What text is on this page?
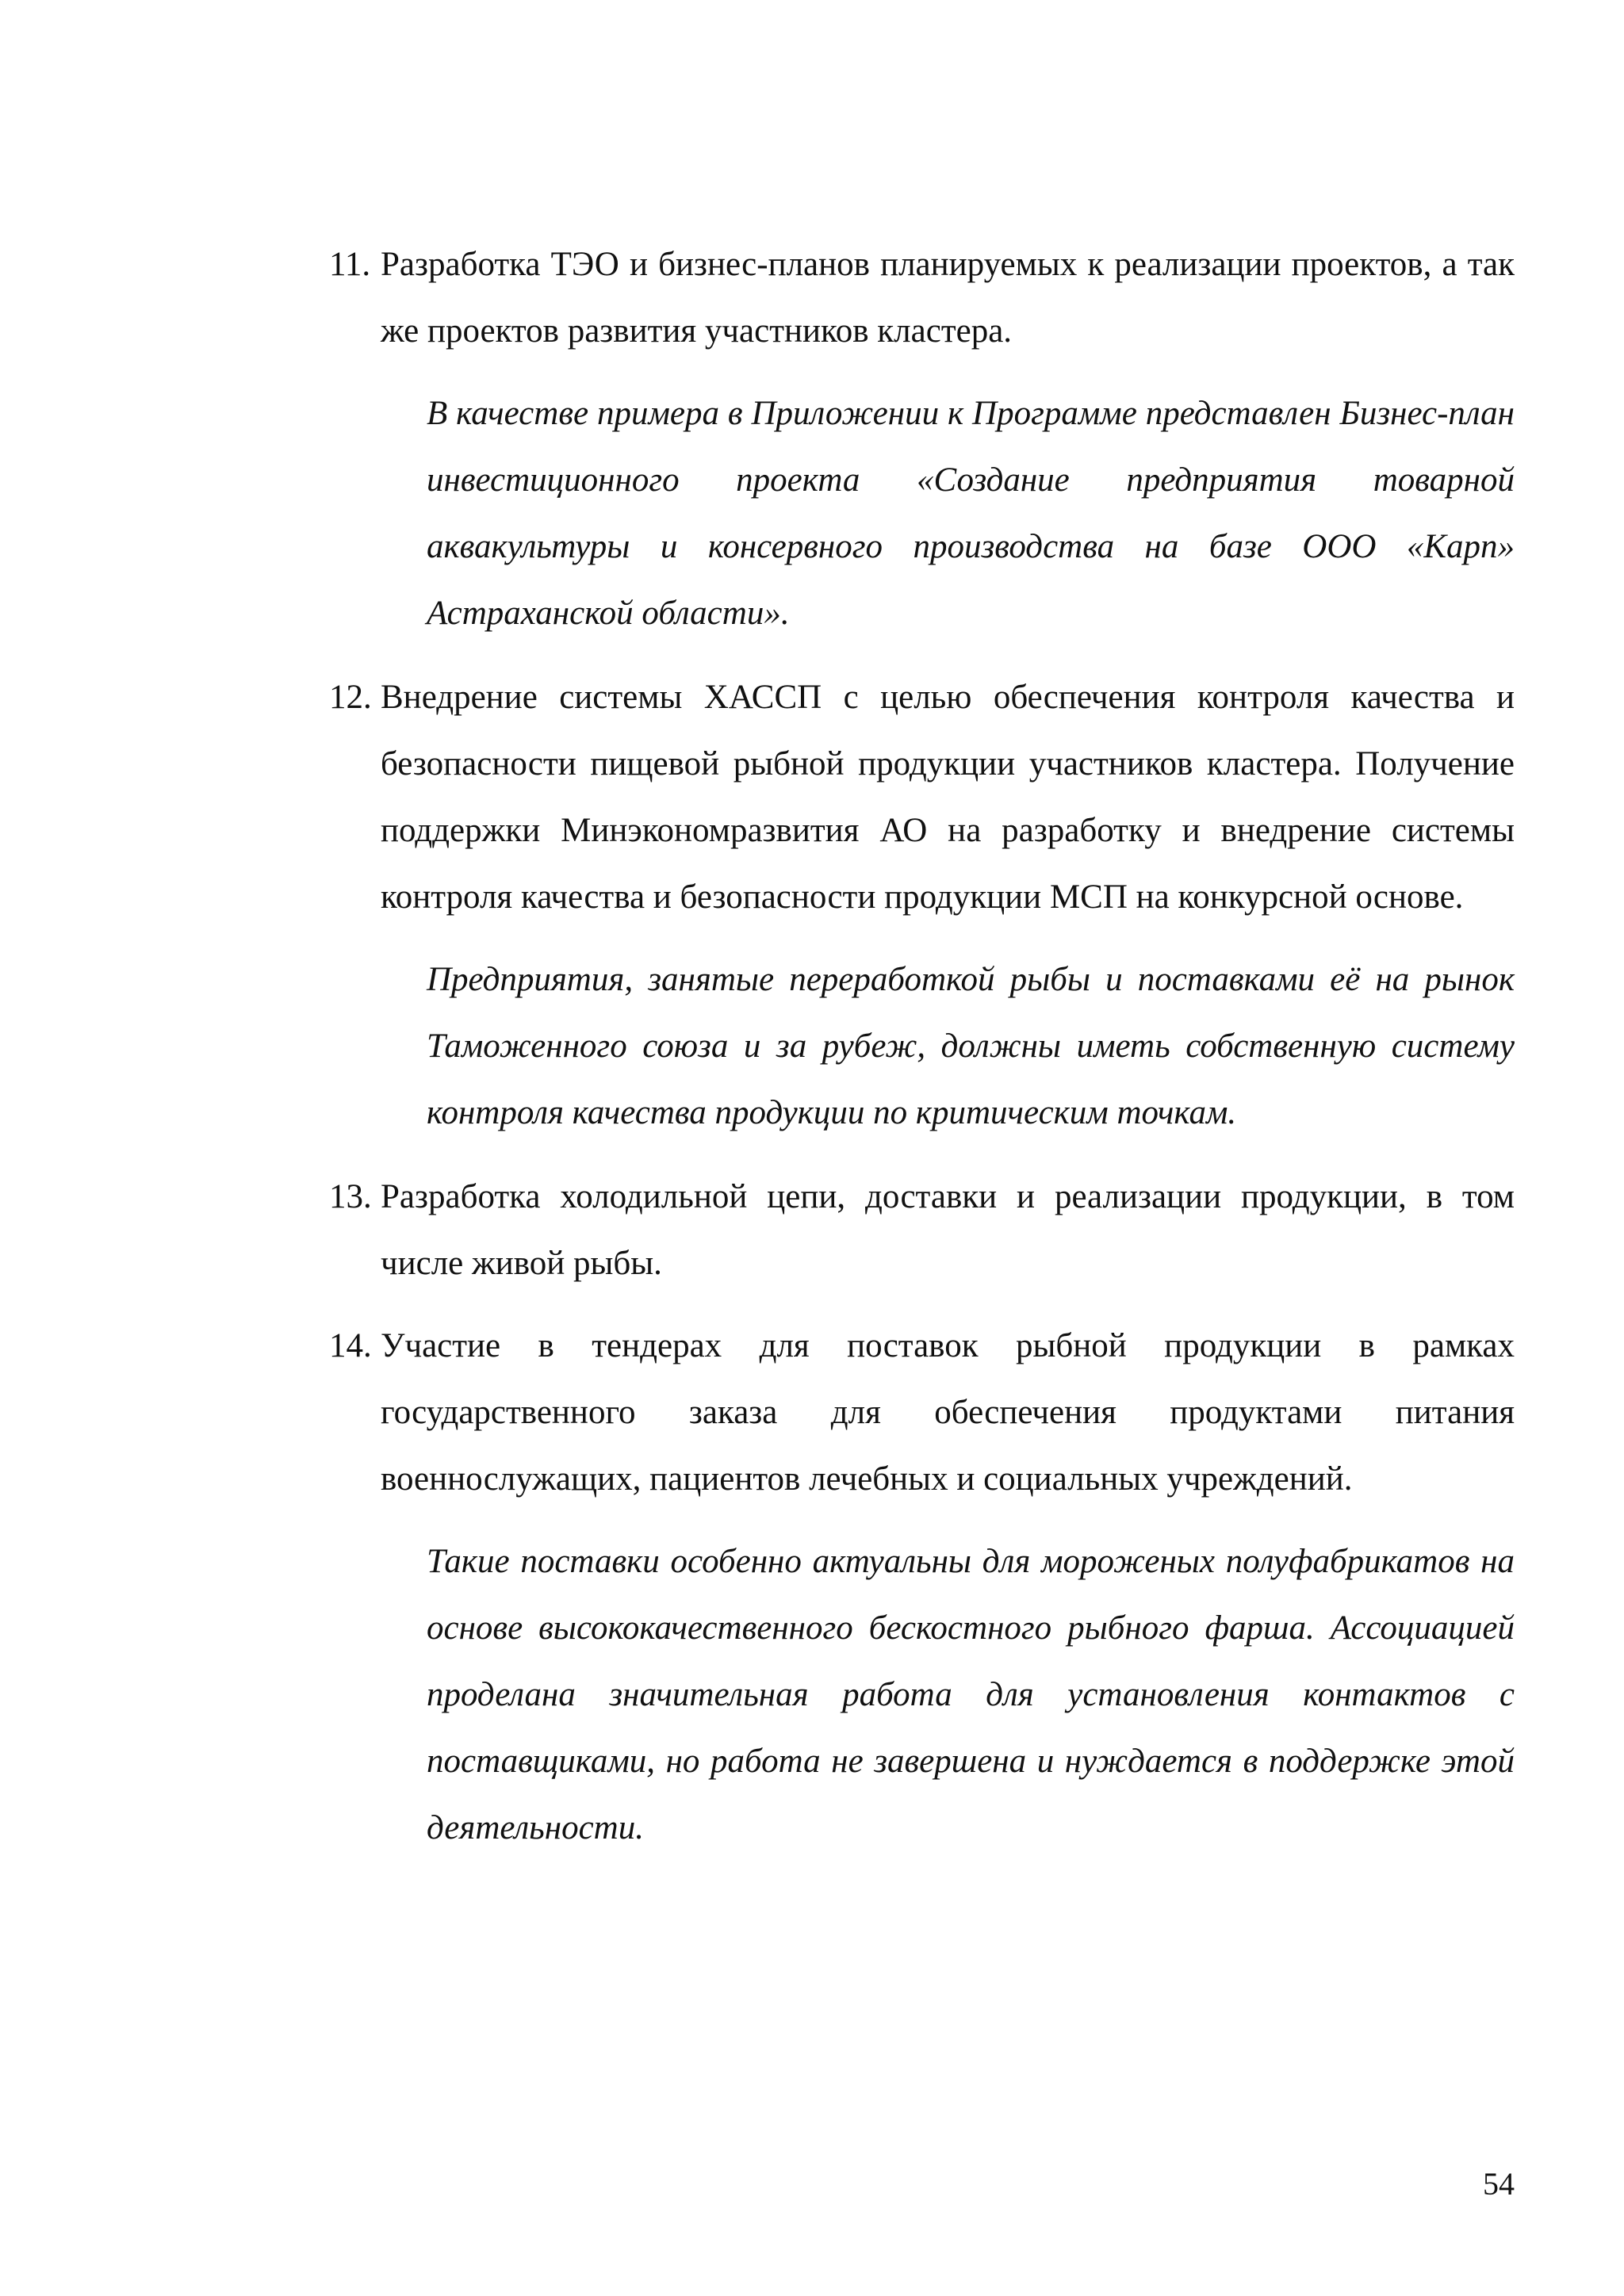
11. Разработка ТЭО и бизнес-планов планируемых к реализации проектов, а так же проектов развития участников кластера.

В качестве примера в Приложении к Программе представлен Бизнес-план инвестиционного проекта «Создание предприятия товарной аквакультуры и консервного производства на базе ООО «Карп» Астраханской области».

12. Внедрение системы ХАССП с целью обеспечения контроля качества и безопасности пищевой рыбной продукции участников кластера. Получение поддержки Минэкономразвития АО на разработку и внедрение системы контроля качества и безопасности продукции МСП на конкурсной основе.

Предприятия, занятые переработкой рыбы и поставками её на рынок Таможенного союза и за рубеж, должны иметь собственную систему контроля качества продукции по критическим точкам.

13. Разработка холодильной цепи, доставки и реализации продукции, в том числе живой рыбы.

14. Участие в тендерах для поставок рыбной продукции в рамках государственного заказа для обеспечения продуктами питания военнослужащих, пациентов лечебных и социальных учреждений.

Такие поставки особенно актуальны для мороженых полуфабрикатов на основе высококачественного бескостного рыбного фарша. Ассоциацией проделана значительная работа для установления контактов с поставщиками, но работа не завершена и нуждается в поддержке этой деятельности.

54
